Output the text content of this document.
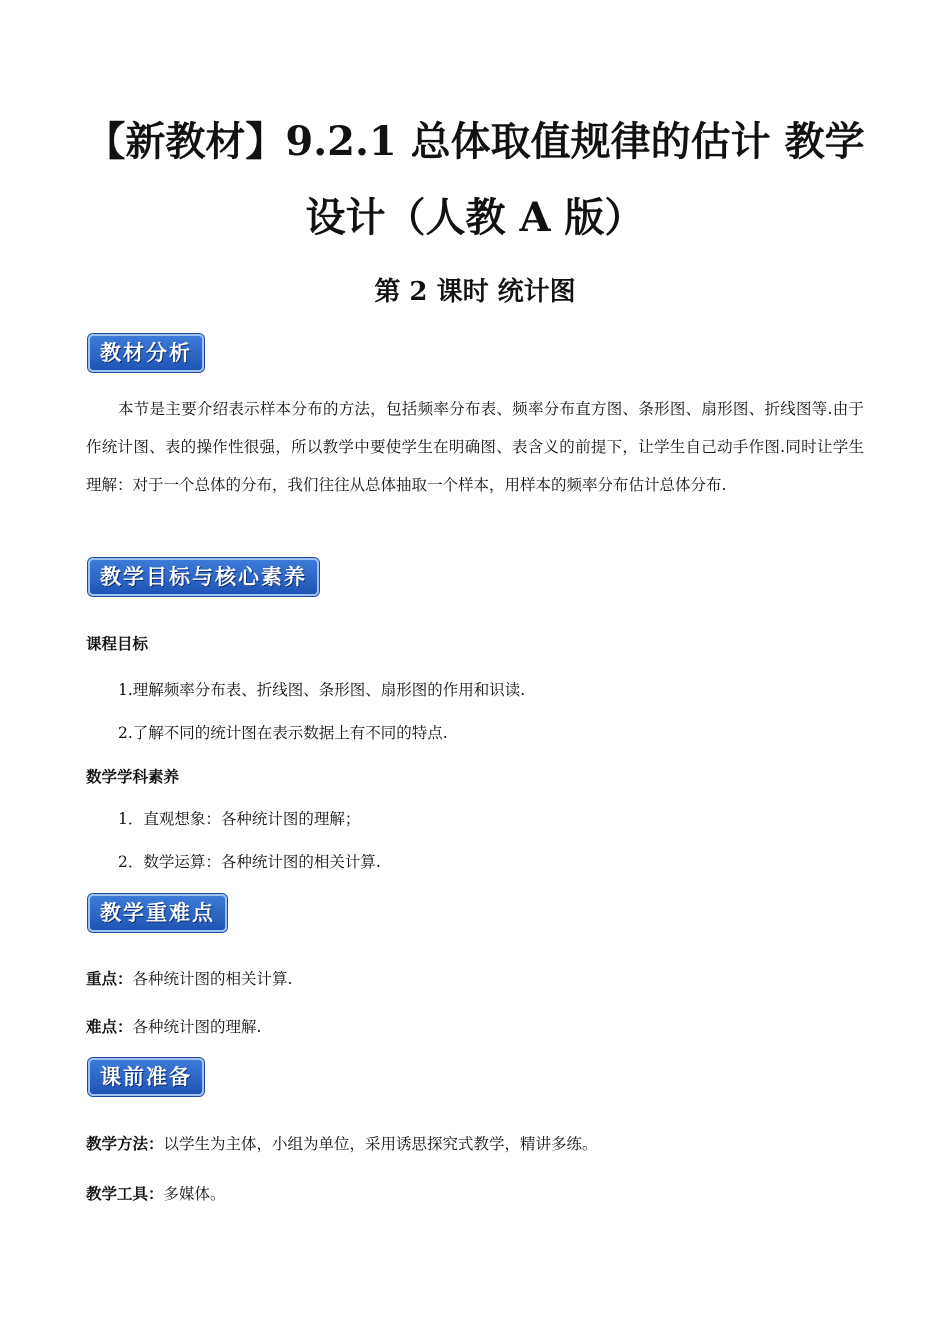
【新教材】9.2.1 总体取值规律的估计 教学设计（人教 A 版）
第 2 课时 统计图
教材分析
本节是主要介绍表示样本分布的方法，包括频率分布表、频率分布直方图、条形图、扇形图、折线图等.由于作统计图、表的操作性很强，所以教学中要使学生在明确图、表含义的前提下，让学生自己动手作图.同时让学生理解：对于一个总体的分布，我们往往从总体抽取一个样本，用样本的频率分布估计总体分布.
教学目标与核心素养
课程目标
1.理解频率分布表、折线图、条形图、扇形图的作用和识读.
2.了解不同的统计图在表示数据上有不同的特点.
数学学科素养
1．直观想象：各种统计图的理解；
2．数学运算：各种统计图的相关计算.
教学重难点
重点：各种统计图的相关计算.
难点：各种统计图的理解.
课前准备
教学方法：以学生为主体，小组为单位，采用诱思探究式教学，精讲多练。
教学工具：多媒体。
